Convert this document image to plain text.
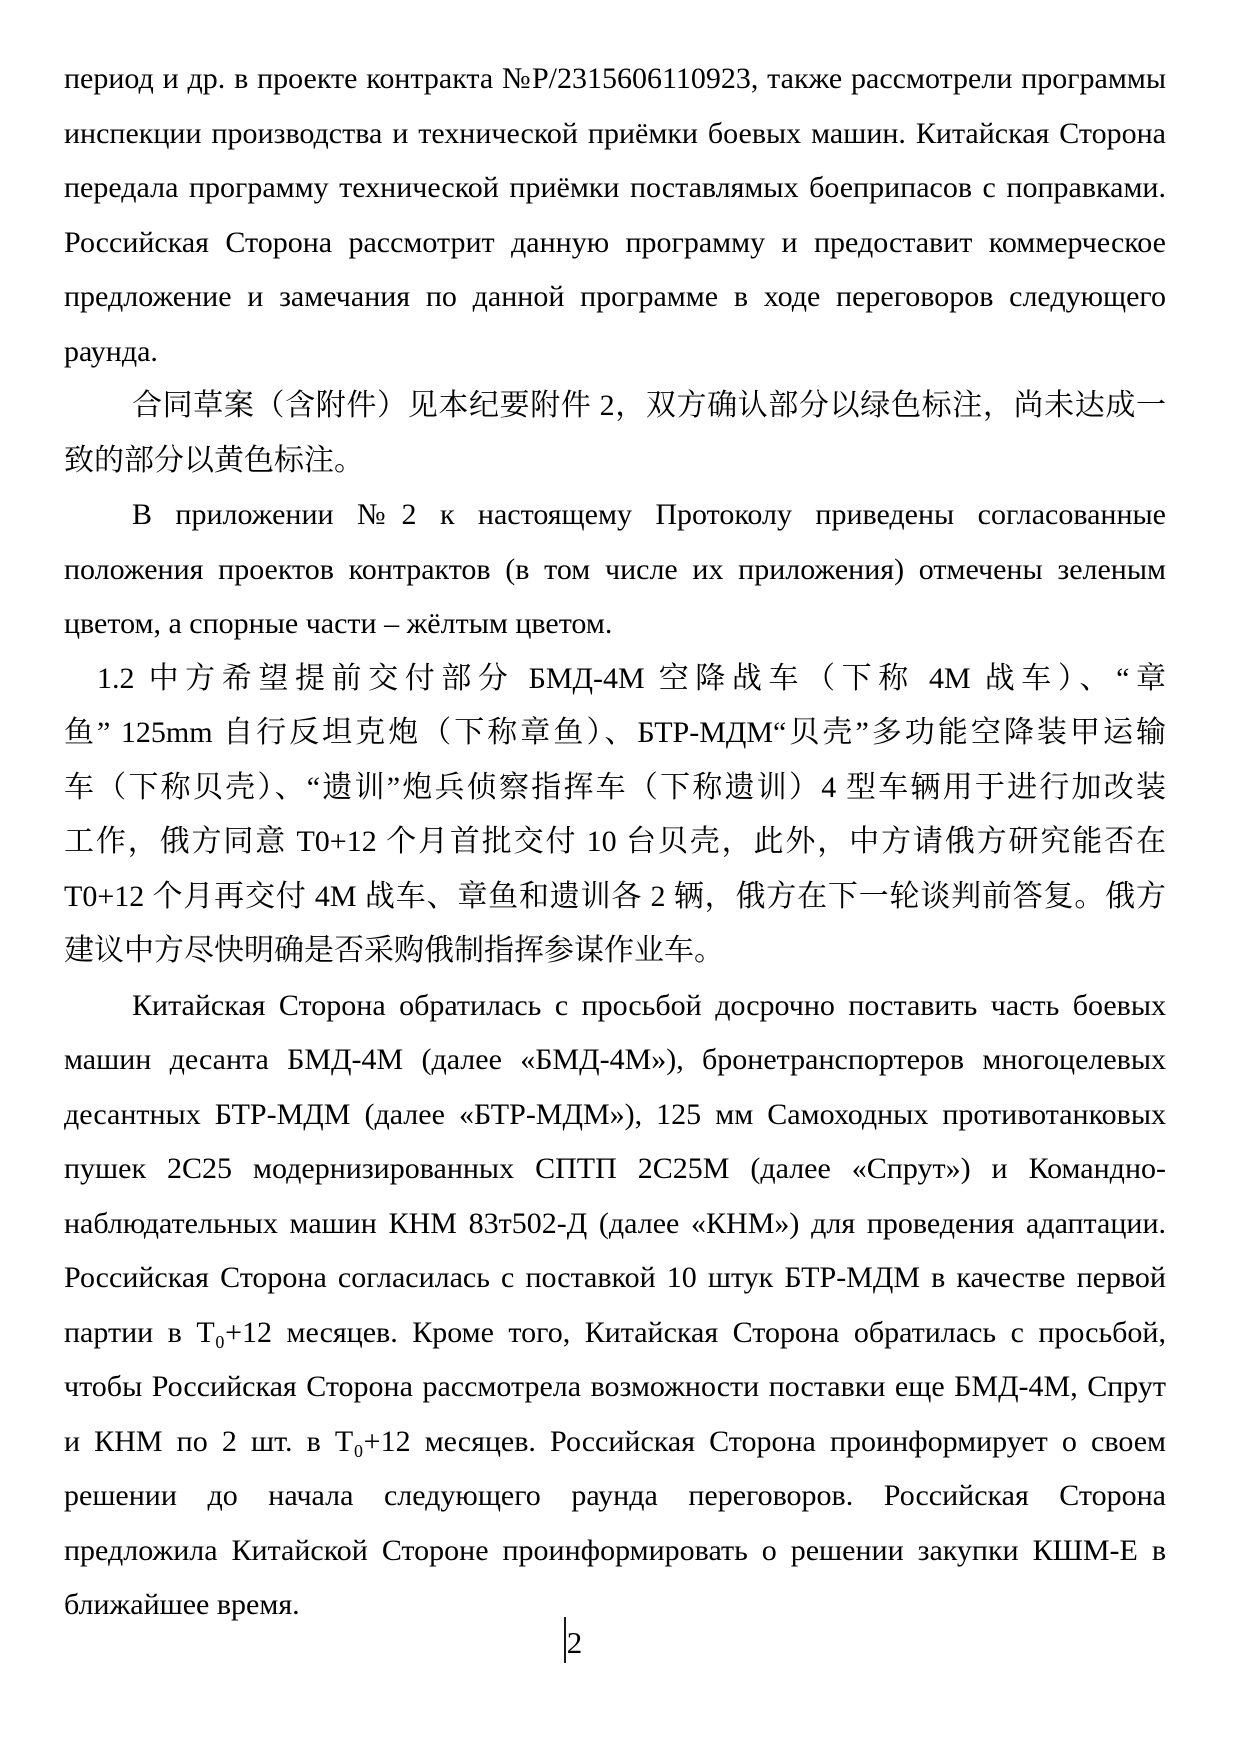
период и др. в проекте контракта №Р/2315606110923, также рассмотрели программы
инспекции производства и технической приёмки боевых машин. Китайская Сторона
передала программу технической приёмки поставлямых боеприпасов с поправками.
Российская Сторона рассмотрит данную программу и предоставит коммерческое
предложение и замечания по данной программе в ходе переговоров следующего
раунда.
合同草案（含附件）见本纪要附件 2，双方确认部分以绿色标注，尚未达成一
致的部分以黄色标注。
В приложении №2 к настоящему Протоколу приведены согласованные
положения проектов контрактов (в том числе их приложения) отмечены зеленым
цветом, а спорные части – жёлтым цветом.
1.2 中方希望提前交付部分 БМД-4М 空降战车（下称 4M 战车）、“章
鱼” 125mm 自行反坦克炮（下称章鱼）、БТР-МДМ“贝壳”多功能空降装甲运输
车（下称贝壳）、“遗训”炮兵侦察指挥车（下称遗训）4 型车辆用于进行加改装
工作，俄方同意 T0+12 个月首批交付 10 台贝壳，此外，中方请俄方研究能否在
T0+12 个月再交付 4M 战车、章鱼和遗训各 2 辆，俄方在下一轮谈判前答复。俄方
建议中方尽快明确是否采购俄制指挥参谋作业车。
Китайская Сторона обратилась с просьбой досрочно поставить часть боевых
машин десанта БМД-4М (далее «БМД-4М»), бронетранспортеров многоцелевых
десантных БТР-МДМ (далее «БТР-МДМ»), 125 мм Самоходных противотанковых
пушек 2С25 модернизированных СПТП 2С25М (далее «Спрут») и Командно-
наблюдательных машин КНМ 83т502-Д (далее «КНМ») для проведения адаптации.
Российская Сторона согласилась с поставкой 10 штук БТР-МДМ в качестве первой
партии в Т₀+12 месяцев. Кроме того, Китайская Сторона обратилась с просьбой,
чтобы Российская Сторона рассмотрела возможности поставки еще БМД-4М, Спрут
и КНМ по 2 шт. в Т₀+12 месяцев. Российская Сторона проинформирует о своем
решении до начала следующего раунда переговоров. Российская Сторона
предложила Китайской Стороне проинформировать о решении закупки КШМ-Е в
ближайшее время.
2
